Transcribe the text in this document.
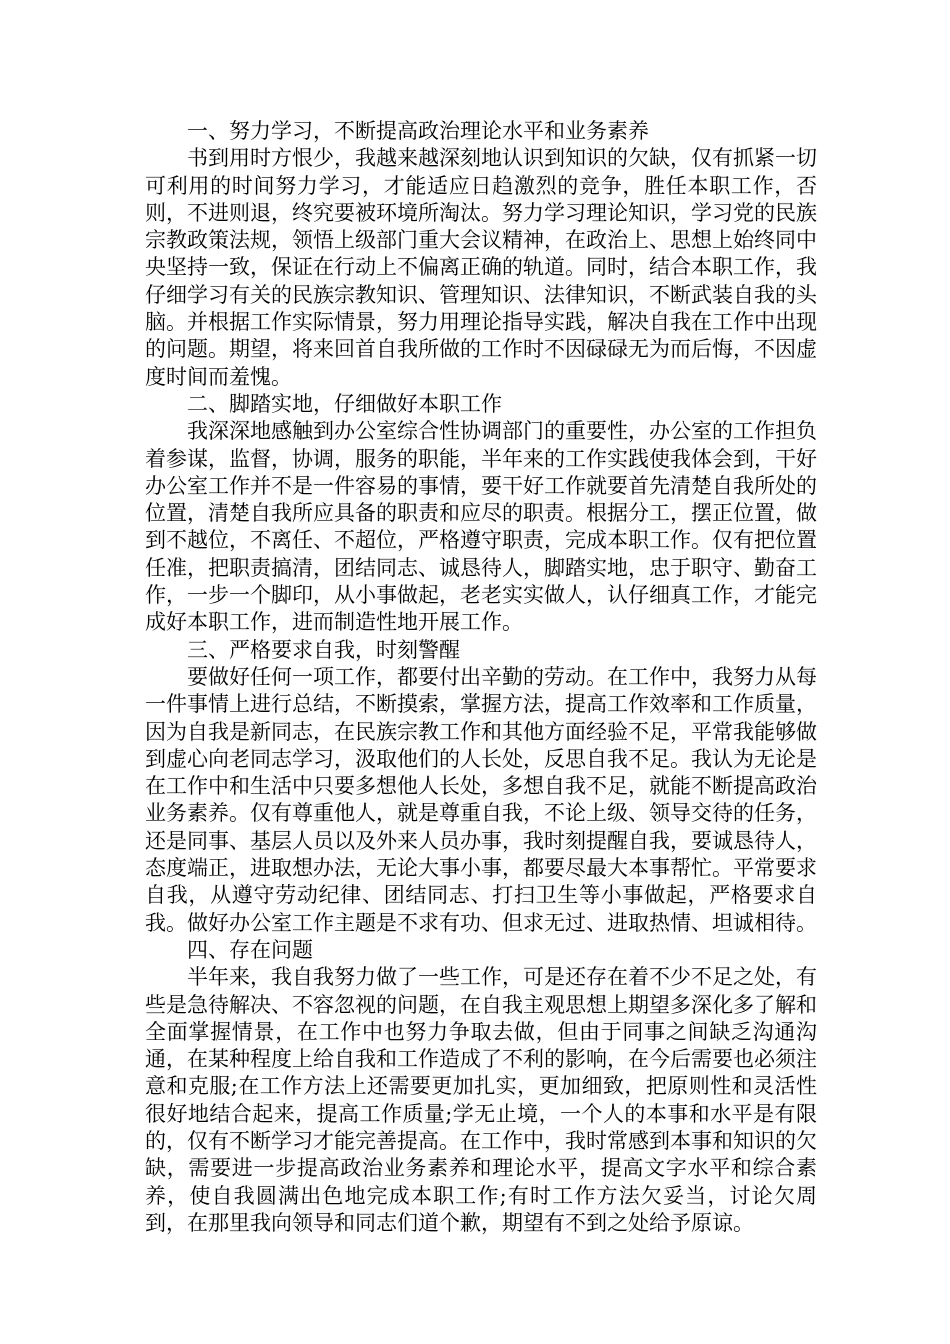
一、努力学习，不断提高政治理论水平和业务素养

书到用时方恨少，我越来越深刻地认识到知识的欠缺，仅有抓紧一切可利用的时间努力学习，才能适应日趋激烈的竞争，胜任本职工作，否则，不进则退，终究要被环境所淘汰。努力学习理论知识，学习党的民族宗教政策法规，领悟上级部门重大会议精神，在政治上、思想上始终同中央坚持一致，保证在行动上不偏离正确的轨道。同时，结合本职工作，我仔细学习有关的民族宗教知识、管理知识、法律知识，不断武装自我的头脑。并根据工作实际情景，努力用理论指导实践，解决自我在工作中出现的问题。期望，将来回首自我所做的工作时不因碌碌无为而后悔，不因虚度时间而羞愧。

二、脚踏实地，仔细做好本职工作

我深深地感触到办公室综合性协调部门的重要性，办公室的工作担负着参谋，监督，协调，服务的职能，半年来的工作实践使我体会到，干好办公室工作并不是一件容易的事情，要干好工作就要首先清楚自我所处的位置，清楚自我所应具备的职责和应尽的职责。根据分工，摆正位置，做到不越位，不离任、不超位，严格遵守职责，完成本职工作。仅有把位置任准，把职责搞清，团结同志、诚恳待人，脚踏实地，忠于职守、勤奋工作，一步一个脚印，从小事做起，老老实实做人，认仔细真工作，才能完成好本职工作，进而制造性地开展工作。

三、严格要求自我，时刻警醒

要做好任何一项工作，都要付出辛勤的劳动。在工作中，我努力从每一件事情上进行总结，不断摸索，掌握方法，提高工作效率和工作质量，因为自我是新同志，在民族宗教工作和其他方面经验不足，平常我能够做到虚心向老同志学习，汲取他们的人长处，反思自我不足。我认为无论是在工作中和生活中只要多想他人长处，多想自我不足，就能不断提高政治业务素养。仅有尊重他人，就是尊重自我，不论上级、领导交待的任务，还是同事、基层人员以及外来人员办事，我时刻提醒自我，要诚恳待人，态度端正，进取想办法，无论大事小事，都要尽最大本事帮忙。平常要求自我，从遵守劳动纪律、团结同志、打扫卫生等小事做起，严格要求自我。做好办公室工作主题是不求有功、但求无过、进取热情、坦诚相待。

四、存在问题

半年来，我自我努力做了一些工作，可是还存在着不少不足之处，有些是急待解决、不容忽视的问题，在自我主观思想上期望多深化多了解和全面掌握情景，在工作中也努力争取去做，但由于同事之间缺乏沟通沟通，在某种程度上给自我和工作造成了不利的影响，在今后需要也必须注意和克服;在工作方法上还需要更加扎实，更加细致，把原则性和灵活性很好地结合起来，提高工作质量;学无止境，一个人的本事和水平是有限的，仅有不断学习才能完善提高。在工作中，我时常感到本事和知识的欠缺，需要进一步提高政治业务素养和理论水平，提高文字水平和综合素养，使自我圆满出色地完成本职工作;有时工作方法欠妥当，讨论欠周到，在那里我向领导和同志们道个歉，期望有不到之处给予原谅。
